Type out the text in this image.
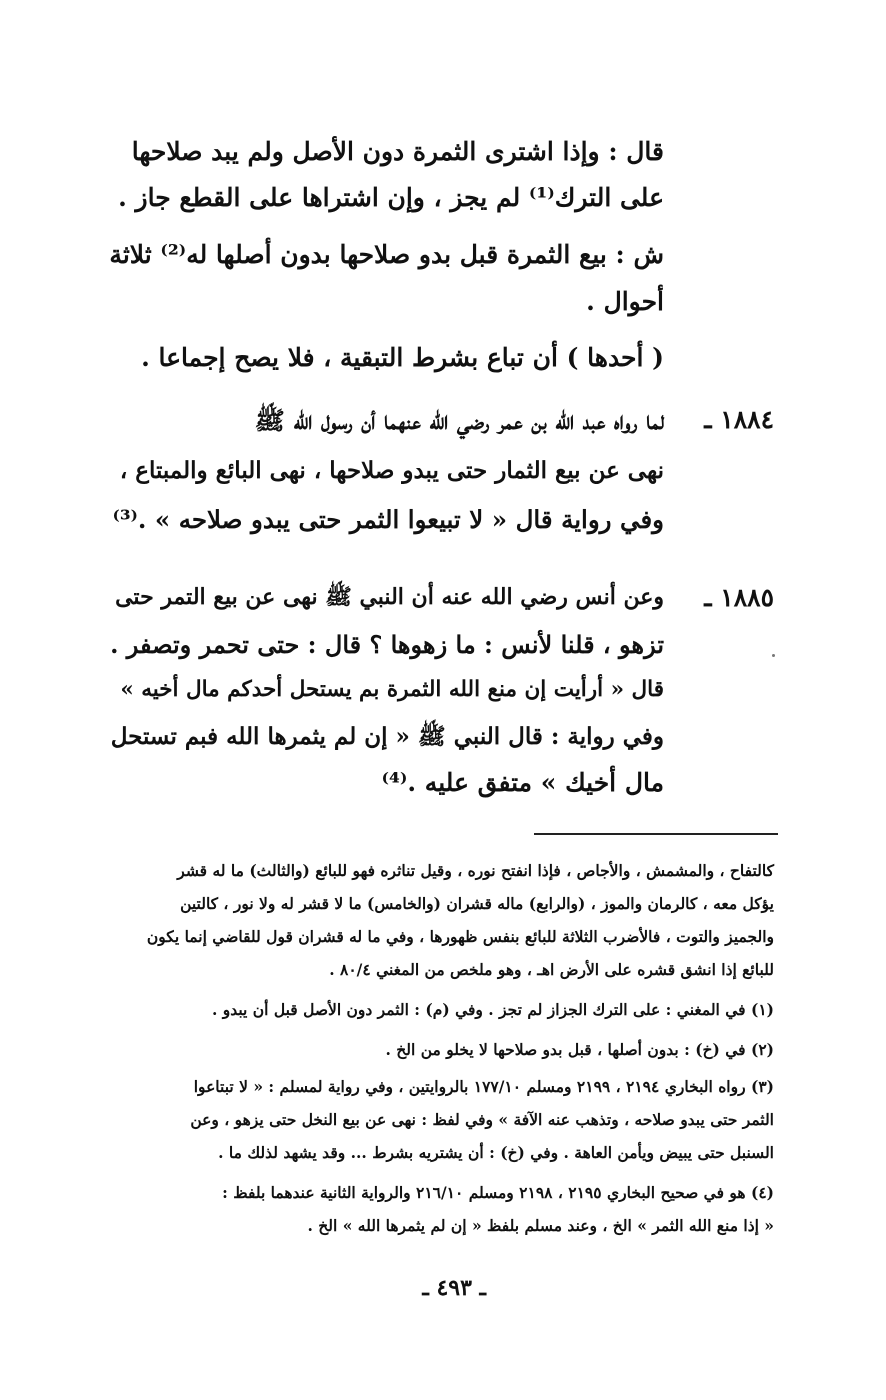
قال : وإذا اشترى الثمرة دون الأصل ولم يبد صلاحها
على الترك⁽¹⁾ لم يجز ، وإن اشتراها على القطع جاز .
ش : بيع الثمرة قبل بدو صلاحها بدون أصلها له⁽²⁾ ثلاثة
أحوال .
( أحدها ) أن تباع بشرط التبقية ، فلا يصح إجماعا .
١٨٨٤ ـ
لما رواه عبد الله بن عمر رضي الله عنهما أن رسول الله ﷺ
نهى عن بيع الثمار حتى يبدو صلاحها ، نهى البائع والمبتاع ،
وفي رواية قال « لا تبيعوا الثمر حتى يبدو صلاحه » .⁽³⁾
١٨٨٥ ـ
وعن أنس رضي الله عنه أن النبي ﷺ نهى عن بيع التمر حتى
تزهو ، قلنا لأنس : ما زهوها ؟ قال : حتى تحمر وتصفر .
قال « أرأيت إن منع الله الثمرة بم يستحل أحدكم مال أخيه »
وفي رواية : قال النبي ﷺ « إن لم يثمرها الله فبم تستحل
مال أخيك » متفق عليه .⁽⁴⁾
كالتفاح ، والمشمش ، والأجاص ، فإذا انفتح نوره ، وقيل تناثره فهو للبائع (والثالث) ما له قشر
يؤكل معه ، كالرمان والموز ، (والرابع) ماله قشران (والخامس) ما لا قشر له ولا نور ، كالتين
والجميز والتوت ، فالأضرب الثلاثة للبائع بنفس ظهورها ، وفي ما له قشران قول للقاضي إنما يكون
للبائع إذا انشق قشره على الأرض اهـ ، وهو ملخص من المغني ٨٠/٤ .
(١) في المغني : على الترك الجزاز لم تجز . وفي (م) : الثمر دون الأصل قبل أن يبدو .
(٢) في (خ) : بدون أصلها ، قبل بدو صلاحها لا يخلو من الخ .
(٣) رواه البخاري ٢١٩٤ ، ٢١٩٩ ومسلم ١٧٧/١٠ بالروايتين ، وفي رواية لمسلم : « لا تبتاعوا
الثمر حتى يبدو صلاحه ، وتذهب عنه الآفة » وفي لفظ : نهى عن بيع النخل حتى يزهو ، وعن
السنبل حتى يبيض ويأمن العاهة . وفي (خ) : أن يشتريه بشرط ... وقد يشهد لذلك ما .
(٤) هو في صحيح البخاري ٢١٩٥ ، ٢١٩٨ ومسلم ٢١٦/١٠ والرواية الثانية عندهما بلفظ :
« إذا منع الله الثمر » الخ ، وعند مسلم بلفظ « إن لم يثمرها الله » الخ .
ـ ٤٩٣ ـ
